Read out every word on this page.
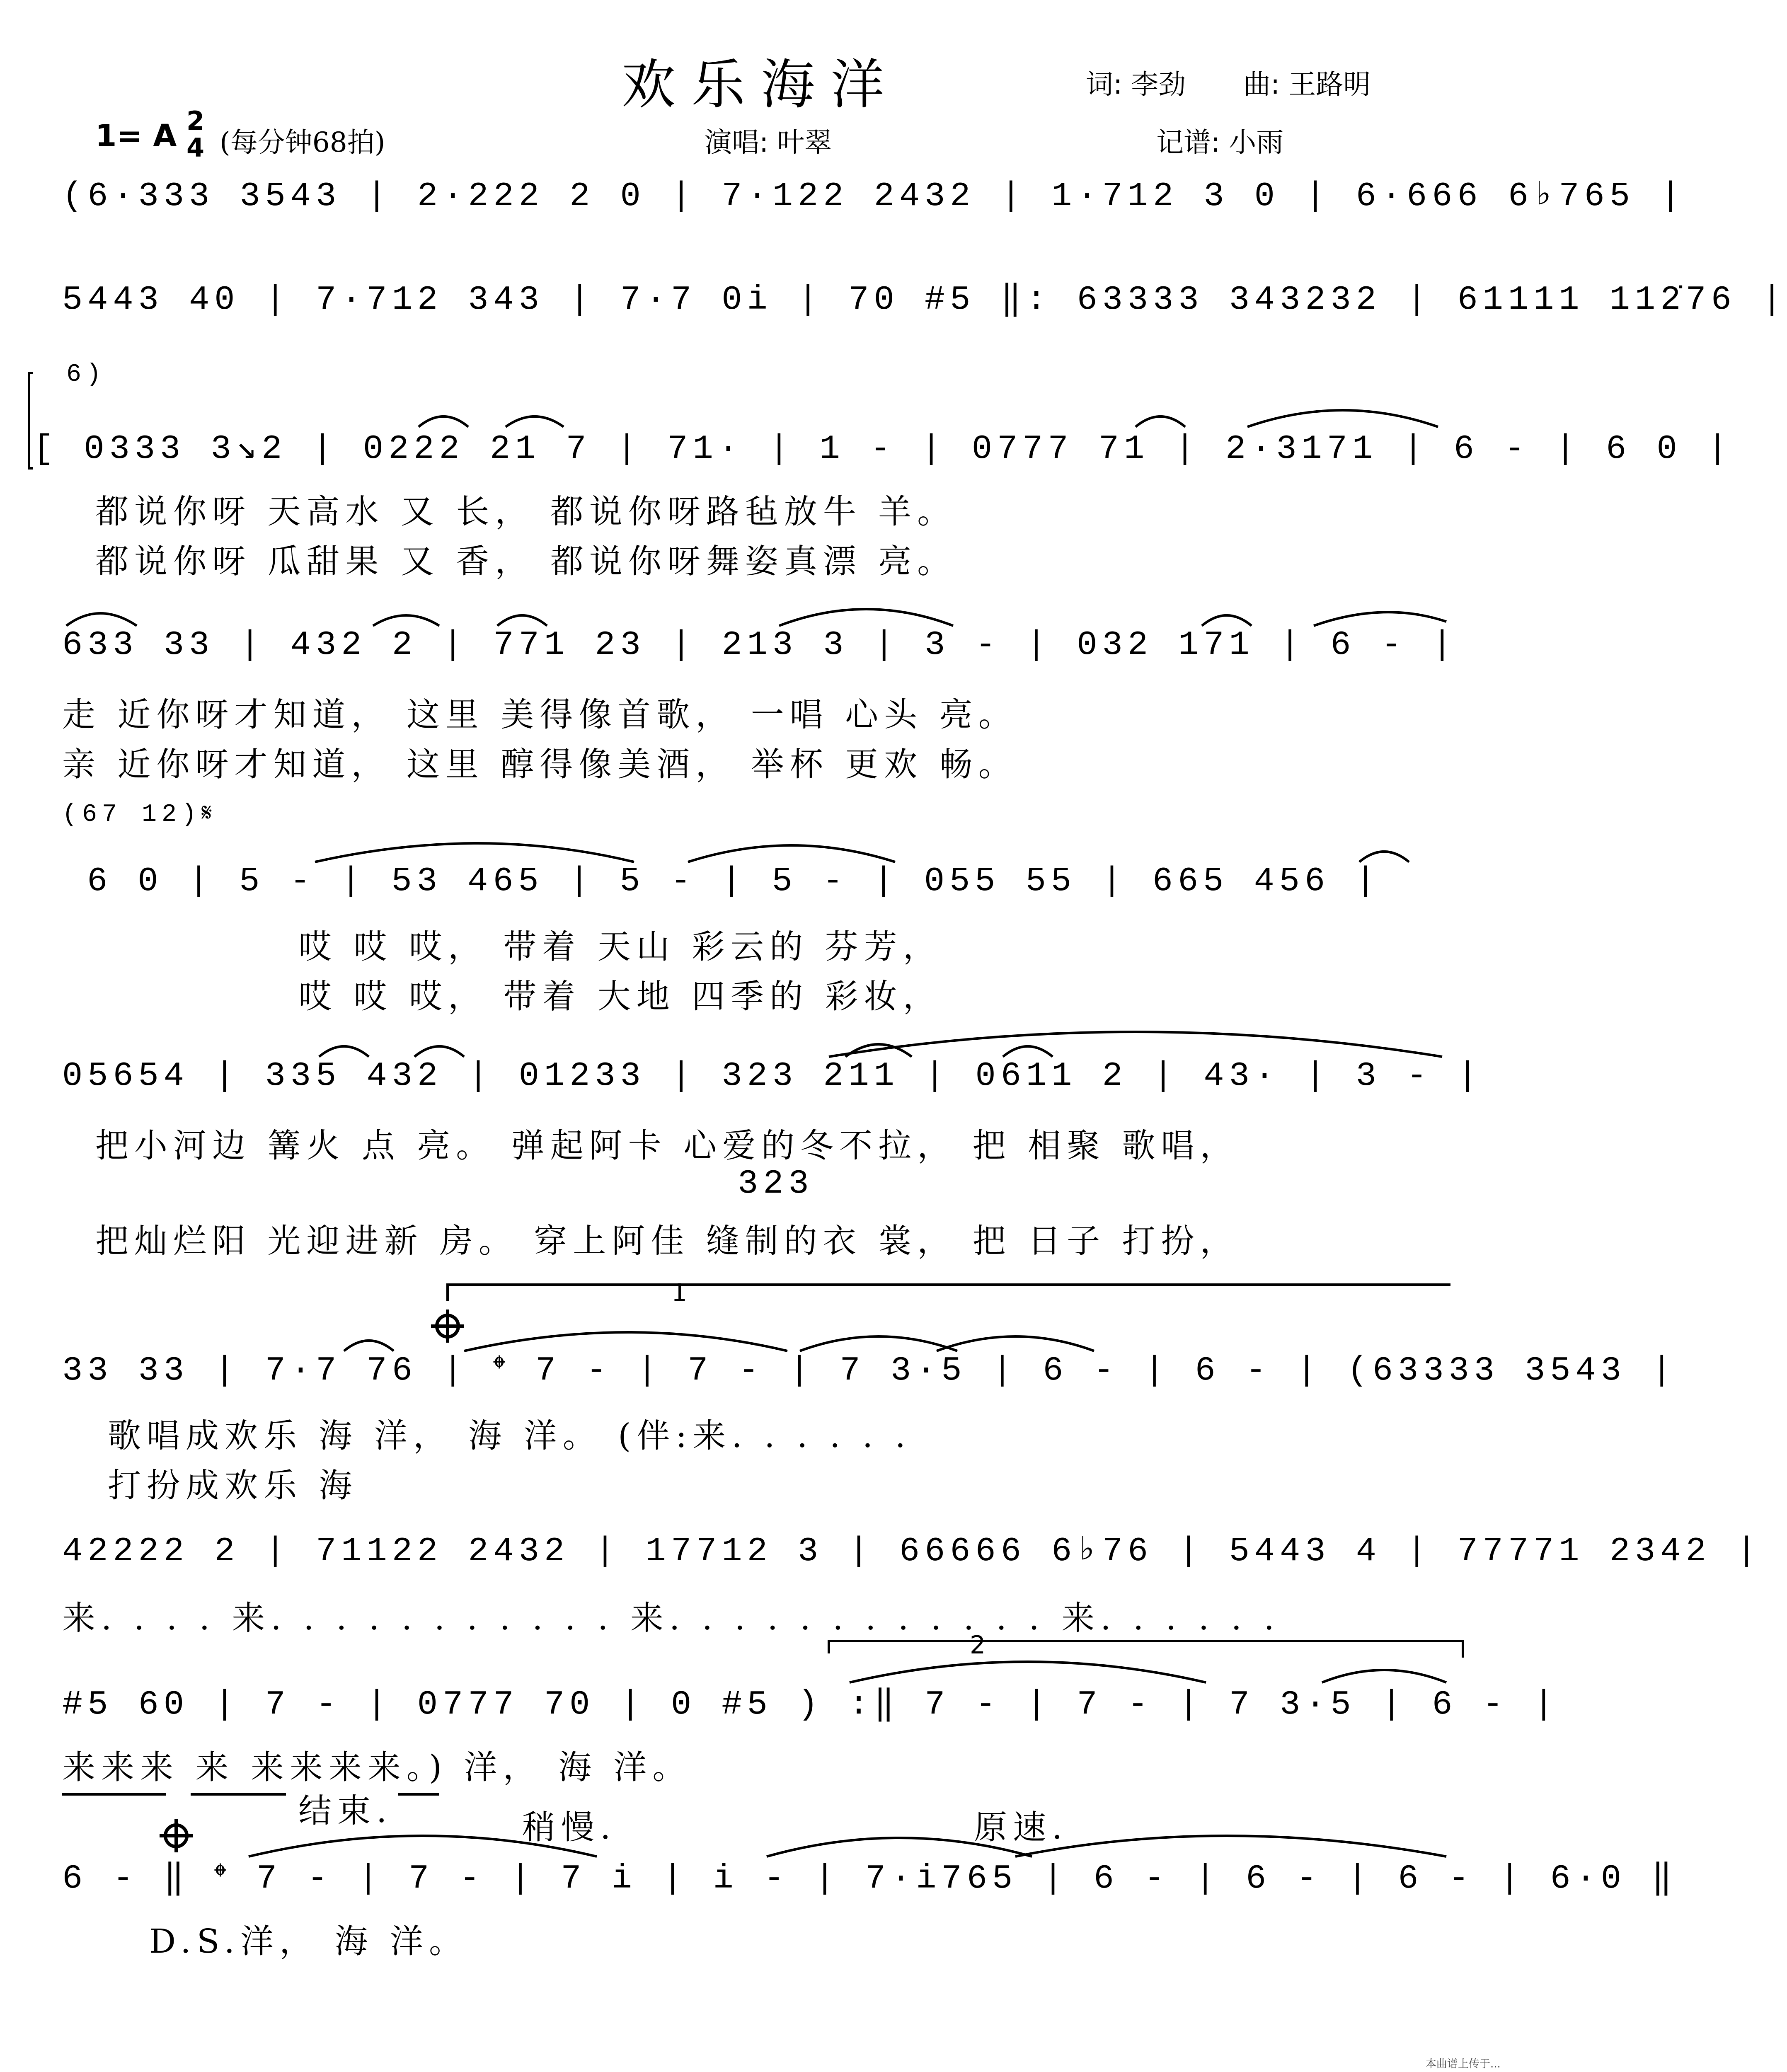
欢乐海洋	词: 李劲 曲: 王路明
1= A 2
4 (每分钟68拍)	演唱: 叶翠	记谱: 小雨
(6·333 3543 | 2·222 2 0 | 7·122 2432 | 1·712 3 0 | 6·666 6♭765 |
5443 40 | 7·712 343 | 7·7 0i | 70 #5 ‖: 63333 343232 | 61111 112̇76 |
6)
[ 0333 3↘2 | 0222 21 7 | 71· | 1 - | 0777 71 | 2·3171 | 6 - | 6 0 |
都说你呀 天高水 又 长， 都说你呀路毡放牛 羊。
都说你呀 瓜甜果 又 香， 都说你呀舞姿真漂 亮。
633 33 | 432 2 | 771 23 | 213 3 | 3 - | 032 171 | 6 - |
走 近你呀才知道， 这里 美得像首歌， 一唱 心头 亮。
亲 近你呀才知道， 这里 醇得像美酒， 举杯 更欢 畅。
(67 12)𝄋
6 0 | 5 - | 53 465 | 5 - | 5 - | 055 55 | 665 456 |
哎 哎 哎， 带着 天山 彩云的 芬芳，
哎 哎 哎， 带着 大地 四季的 彩妆，
05654 | 335 432 | 01233 | 323 211 | 0611 2 | 43· | 3 - |
把小河边 篝火 点 亮。 弹起阿卡 心爱的冬不拉， 把 相聚 歌唱，
323
把灿烂阳 光迎进新 房。 穿上阿佳 缝制的衣 裳， 把 日子 打扮，
1
33 33 | 7·7 76 | 𝄌 7 - | 7 - | 7 3·5 | 6 - | 6 - | (63333 3543 |
歌唱成欢乐 海 洋， 海 洋。 (伴:来. . . . . .
打扮成欢乐 海
42222 2 | 71122 2432 | 17712 3 | 66666 6♭76 | 5443 4 | 77771 2342 |
来. . . . 来. . . . . . . . . . . 来. . . . . . . . . . . . 来. . . . . .
2
#5 60 | 7 - | 0777 70 | 0 #5 ) :‖ 7 - | 7 - | 7 3·5 | 6 - |
来来来 来 来来来来。) 洋， 海 洋。
结束.	稍慢.	原速.
6 - ‖ 𝄌 7 - | 7 - | 7 i | i - | 7·i765 | 6 - | 6 - | 6 - | 6·0 ‖
D.S.洋， 海 洋。
本曲谱上传于...
